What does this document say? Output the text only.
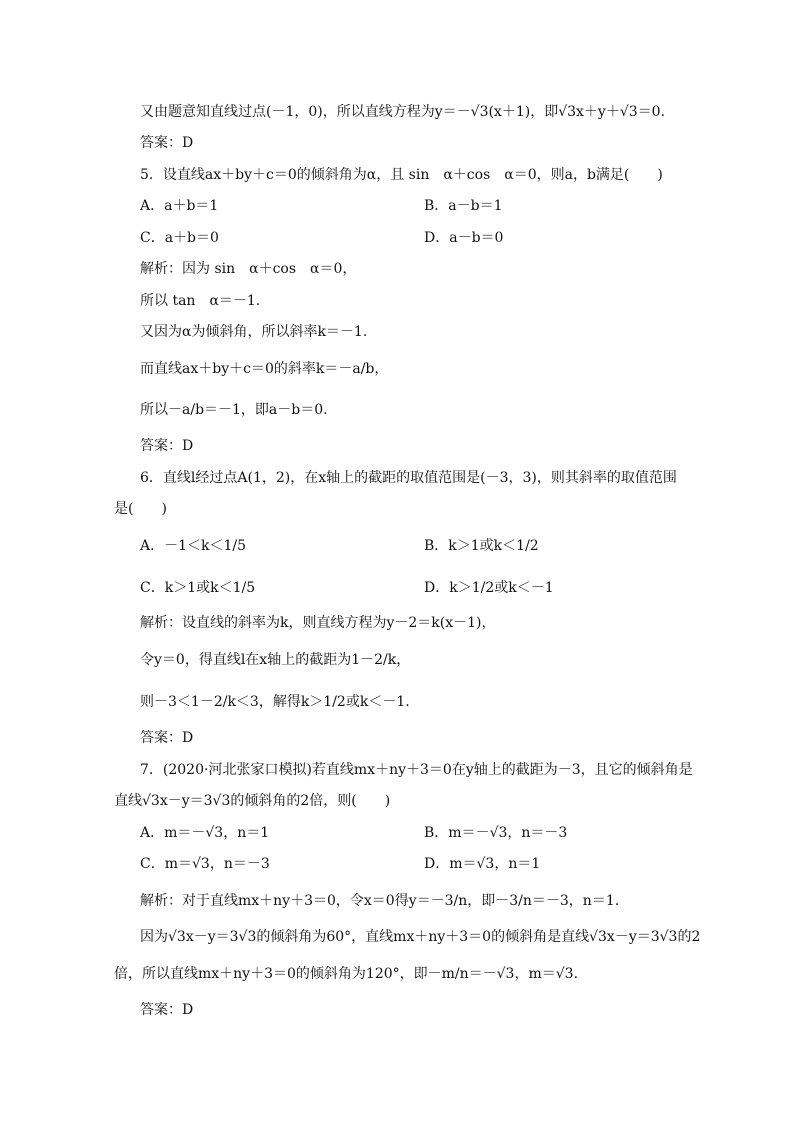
又由题意知直线过点(－1，0)，所以直线方程为y＝－√3(x＋1)，即√3x＋y＋√3＝0.
答案：D
5．设直线ax＋by＋c＝0的倾斜角为α，且 sin　α＋cos　α＝0，则a，b满足(　　)
A．a＋b＝1	B．a－b＝1
C．a＋b＝0	D．a－b＝0
解析：因为 sin　α＋cos　α＝0，
所以 tan　α＝－1.
又因为α为倾斜角，所以斜率k＝－1.
而直线ax＋by＋c＝0的斜率k＝－a/b，
所以－a/b＝－1，即a－b＝0.
答案：D
6．直线l经过点A(1，2)，在x轴上的截距的取值范围是(－3，3)，则其斜率的取值范围
是(　　)
A．－1＜k＜1/5	B．k＞1或k＜1/2
C．k＞1或k＜1/5	D．k＞1/2或k＜－1
解析：设直线的斜率为k，则直线方程为y－2＝k(x－1)，
令y＝0，得直线l在x轴上的截距为1－2/k，
则－3＜1－2/k＜3，解得k＞1/2或k＜－1.
答案：D
7．(2020·河北张家口模拟)若直线mx＋ny＋3＝0在y轴上的截距为－3，且它的倾斜角是
直线√3x－y＝3√3的倾斜角的2倍，则(　　)
A．m＝－√3，n＝1	B．m＝－√3，n＝－3
C．m＝√3，n＝－3	D．m＝√3，n＝1
解析：对于直线mx＋ny＋3＝0，令x＝0得y＝－3/n，即－3/n＝－3，n＝1.
因为√3x－y＝3√3的倾斜角为60°，直线mx＋ny＋3＝0的倾斜角是直线√3x－y＝3√3的2
倍，所以直线mx＋ny＋3＝0的倾斜角为120°，即－m/n＝－√3，m＝√3.
答案：D
